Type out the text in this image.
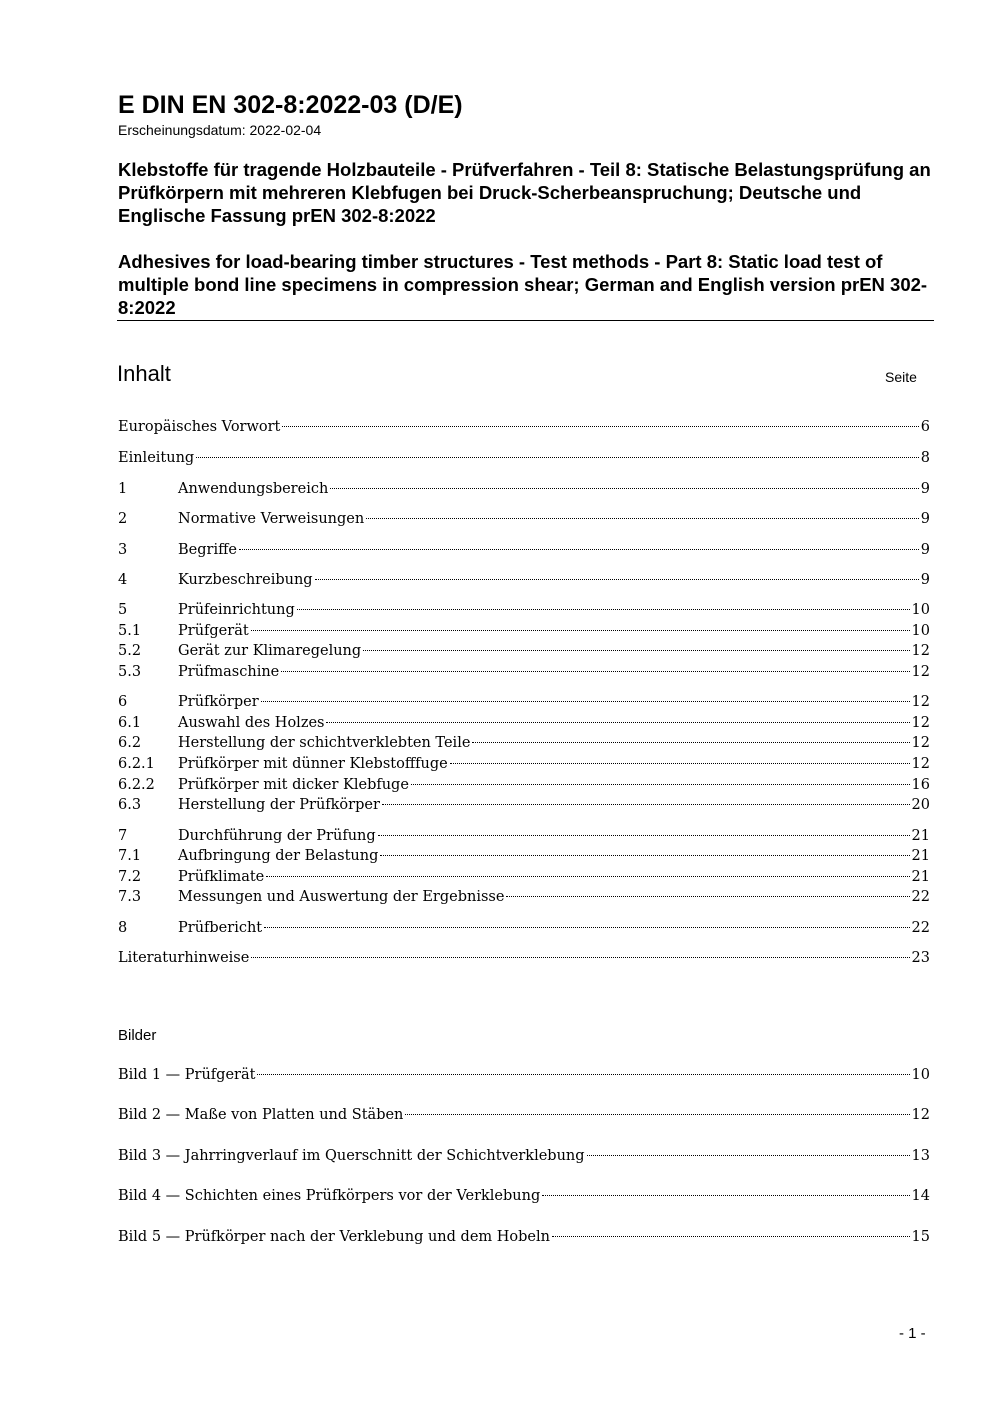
E DIN EN 302-8:2022-03 (D/E)
Erscheinungsdatum: 2022-02-04
Klebstoffe für tragende Holzbauteile - Prüfverfahren - Teil 8: Statische Belastungsprüfung an Prüfkörpern mit mehreren Klebfugen bei Druck-Scherbeanspruchung; Deutsche und Englische Fassung prEN 302-8:2022
Adhesives for load-bearing timber structures - Test methods - Part 8: Static load test of multiple bond line specimens in compression shear; German and English version prEN 302-8:2022
Inhalt	Seite
Europäisches Vorwort	6
Einleitung	8
1	Anwendungsbereich	9
2	Normative Verweisungen	9
3	Begriffe	9
4	Kurzbeschreibung	9
5	Prüfeinrichtung	10
5.1	Prüfgerät	10
5.2	Gerät zur Klimaregelung	12
5.3	Prüfmaschine	12
6	Prüfkörper	12
6.1	Auswahl des Holzes	12
6.2	Herstellung der schichtverklebten Teile	12
6.2.1	Prüfkörper mit dünner Klebstofffuge	12
6.2.2	Prüfkörper mit dicker Klebfuge	16
6.3	Herstellung der Prüfkörper	20
7	Durchführung der Prüfung	21
7.1	Aufbringung der Belastung	21
7.2	Prüfklimate	21
7.3	Messungen und Auswertung der Ergebnisse	22
8	Prüfbericht	22
Literaturhinweise	23
Bilder
Bild 1 — Prüfgerät	10
Bild 2 — Maße von Platten und Stäben	12
Bild 3 — Jahrringverlauf im Querschnitt der Schichtverklebung	13
Bild 4 — Schichten eines Prüfkörpers vor der Verklebung	14
Bild 5 — Prüfkörper nach der Verklebung und dem Hobeln	15
- 1 -
